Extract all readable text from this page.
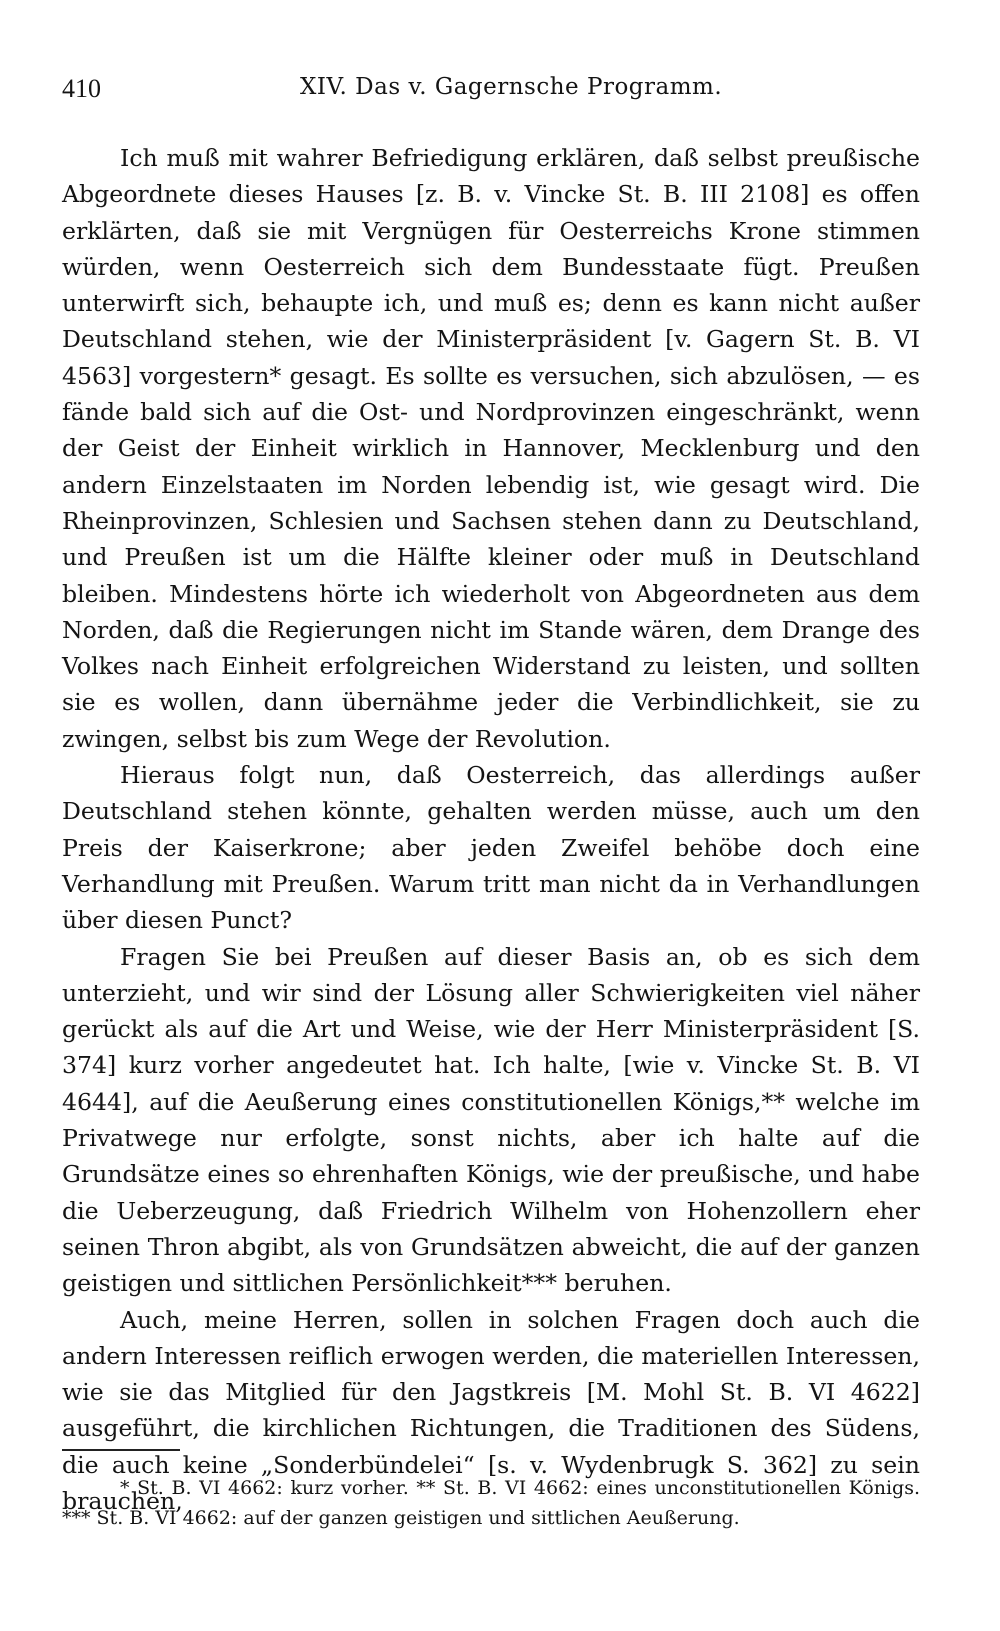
410	XIV. Das v. Gagernsche Programm.

Ich muß mit wahrer Befriedigung erklären, daß selbst preußische Abgeordnete dieses Hauses [z. B. v. Vincke St. B. III 2108] es offen erklärten, daß sie mit Vergnügen für Oesterreichs Krone stimmen würden, wenn Oesterreich sich dem Bundesstaate fügt. Preußen unterwirft sich, behaupte ich, und muß es; denn es kann nicht außer Deutschland stehen, wie der Ministerpräsident [v. Gagern St. B. VI 4563] vorgestern* gesagt. Es sollte es versuchen, sich abzulösen, — es fände bald sich auf die Ost- und Nordprovinzen eingeschränkt, wenn der Geist der Einheit wirklich in Hannover, Mecklenburg und den andern Einzelstaaten im Norden lebendig ist, wie gesagt wird. Die Rheinprovinzen, Schlesien und Sachsen stehen dann zu Deutschland, und Preußen ist um die Hälfte kleiner oder muß in Deutschland bleiben. Mindestens hörte ich wiederholt von Abgeordneten aus dem Norden, daß die Regierungen nicht im Stande wären, dem Drange des Volkes nach Einheit erfolgreichen Widerstand zu leisten, und sollten sie es wollen, dann übernähme jeder die Verbindlichkeit, sie zu zwingen, selbst bis zum Wege der Revolution.

Hieraus folgt nun, daß Oesterreich, das allerdings außer Deutschland stehen könnte, gehalten werden müsse, auch um den Preis der Kaiserkrone; aber jeden Zweifel behöbe doch eine Verhandlung mit Preußen. Warum tritt man nicht da in Verhandlungen über diesen Punct?

Fragen Sie bei Preußen auf dieser Basis an, ob es sich dem unterzieht, und wir sind der Lösung aller Schwierigkeiten viel näher gerückt als auf die Art und Weise, wie der Herr Ministerpräsident [S. 374] kurz vorher angedeutet hat. Ich halte, [wie v. Vincke St. B. VI 4644], auf die Aeußerung eines constitutionellen Königs,** welche im Privatwege nur erfolgte, sonst nichts, aber ich halte auf die Grundsätze eines so ehrenhaften Königs, wie der preußische, und habe die Ueberzeugung, daß Friedrich Wilhelm von Hohenzollern eher seinen Thron abgibt, als von Grundsätzen abweicht, die auf der ganzen geistigen und sittlichen Persönlichkeit*** beruhen.

Auch, meine Herren, sollen in solchen Fragen doch auch die andern Interessen reiflich erwogen werden, die materiellen Interessen, wie sie das Mitglied für den Jagstkreis [M. Mohl St. B. VI 4622] ausgeführt, die kirchlichen Richtungen, die Traditionen des Südens, die auch keine „Sonderbündelei“ [s. v. Wydenbrugk S. 362] zu sein brauchen,

* St. B. VI 4662: kurz vorher. ** St. B. VI 4662: eines unconstitutionellen Königs. *** St. B. VI 4662: auf der ganzen geistigen und sittlichen Aeußerung.
